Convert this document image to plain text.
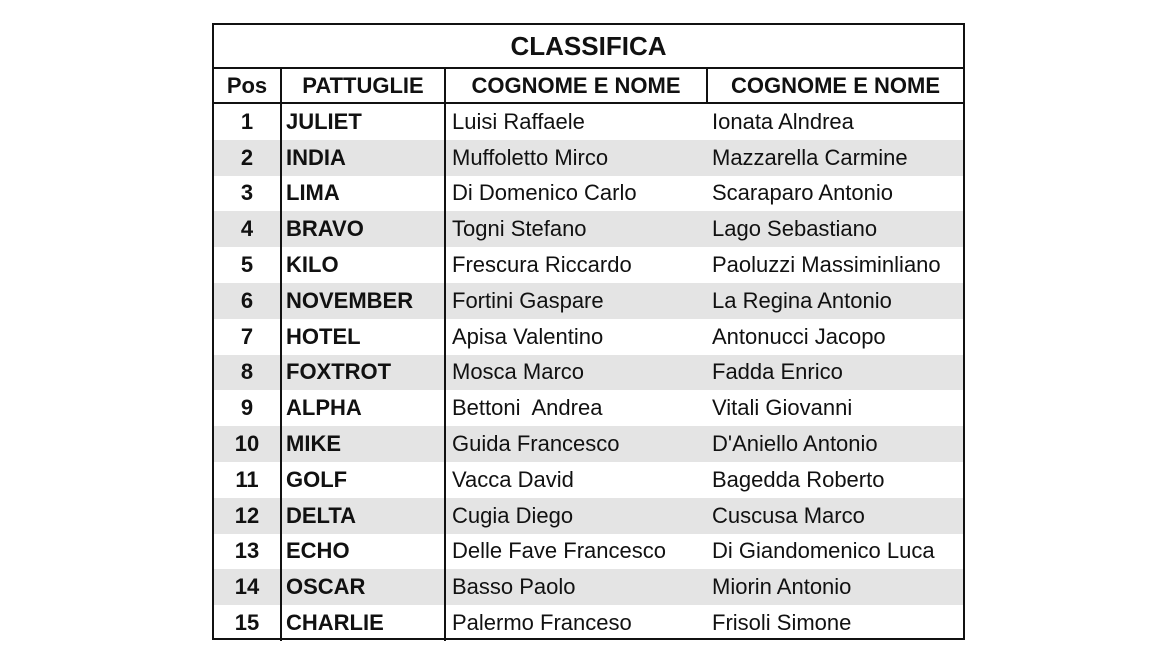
CLASSIFICA
Pos	PATTUGLIE	COGNOME E NOME	COGNOME E NOME
1	JULIET	Luisi Raffaele	Ionata Alndrea
2	INDIA	Muffoletto Mirco	Mazzarella Carmine
3	LIMA	Di Domenico Carlo	Scaraparo Antonio
4	BRAVO	Togni Stefano	Lago Sebastiano
5	KILO	Frescura Riccardo	Paoluzzi Massiminliano
6	NOVEMBER	Fortini Gaspare	La Regina Antonio
7	HOTEL	Apisa Valentino	Antonucci Jacopo
8	FOXTROT	Mosca Marco	Fadda Enrico
9	ALPHA	Bettoni  Andrea	Vitali Giovanni
10	MIKE	Guida Francesco	D'Aniello Antonio
11	GOLF	Vacca David	Bagedda Roberto
12	DELTA	Cugia Diego	Cuscusa Marco
13	ECHO	Delle Fave Francesco	Di Giandomenico Luca
14	OSCAR	Basso Paolo	Miorin Antonio
15	CHARLIE	Palermo Franceso	Frisoli Simone
